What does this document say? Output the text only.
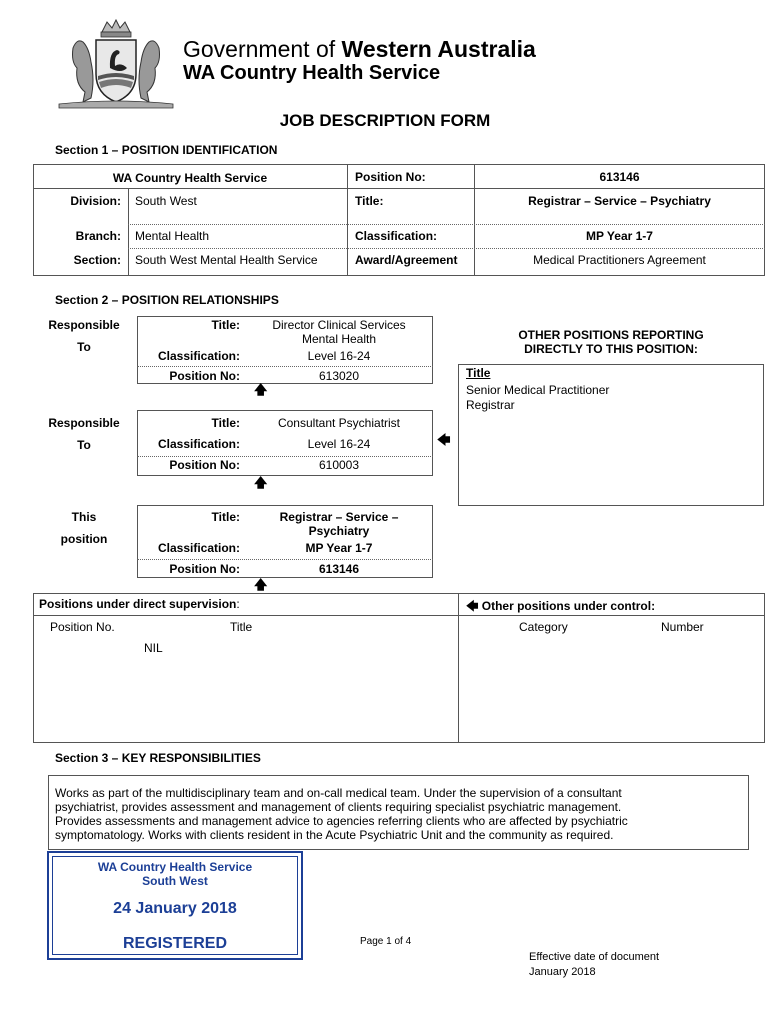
Government of Western Australia
WA Country Health Service
JOB DESCRIPTION FORM
Section 1 – POSITION IDENTIFICATION
WA Country Health Service	Position No:	613146
Division: South West	Title:	Registrar – Service – Psychiatry
Branch: Mental Health	Classification:	MP Year 1-7
Section: South West Mental Health Service	Award/Agreement	Medical Practitioners Agreement
Section 2 – POSITION RELATIONSHIPS
Responsible
To
Title:	Director Clinical Services
Mental Health
Classification:	Level 16-24
Position No:	613020
🡅
Responsible
To
Title:	Consultant Psychiatrist
Classification:	Level 16-24
Position No:	610003
🡄
🡅
This
position
Title:	Registrar – Service –
Psychiatry
Classification:	MP Year 1-7
Position No:	613146
🡅
OTHER POSITIONS REPORTING
DIRECTLY TO THIS POSITION:
Title
Senior Medical Practitioner
Registrar
Positions under direct supervision:	🡄 Other positions under control:
Position No.	Title
NIL
Category	Number
Section 3 – KEY RESPONSIBILITIES
Works as part of the multidisciplinary team and on-call medical team. Under the supervision of a consultant
psychiatrist, provides assessment and management of clients requiring specialist psychiatric management.
Provides assessments and management advice to agencies referring clients who are affected by psychiatric
symptomatology. Works with clients resident in the Acute Psychiatric Unit and the community as required.
WA Country Health Service
South West
24 January 2018
REGISTERED	Page 1 of 4
Effective date of document
January 2018
